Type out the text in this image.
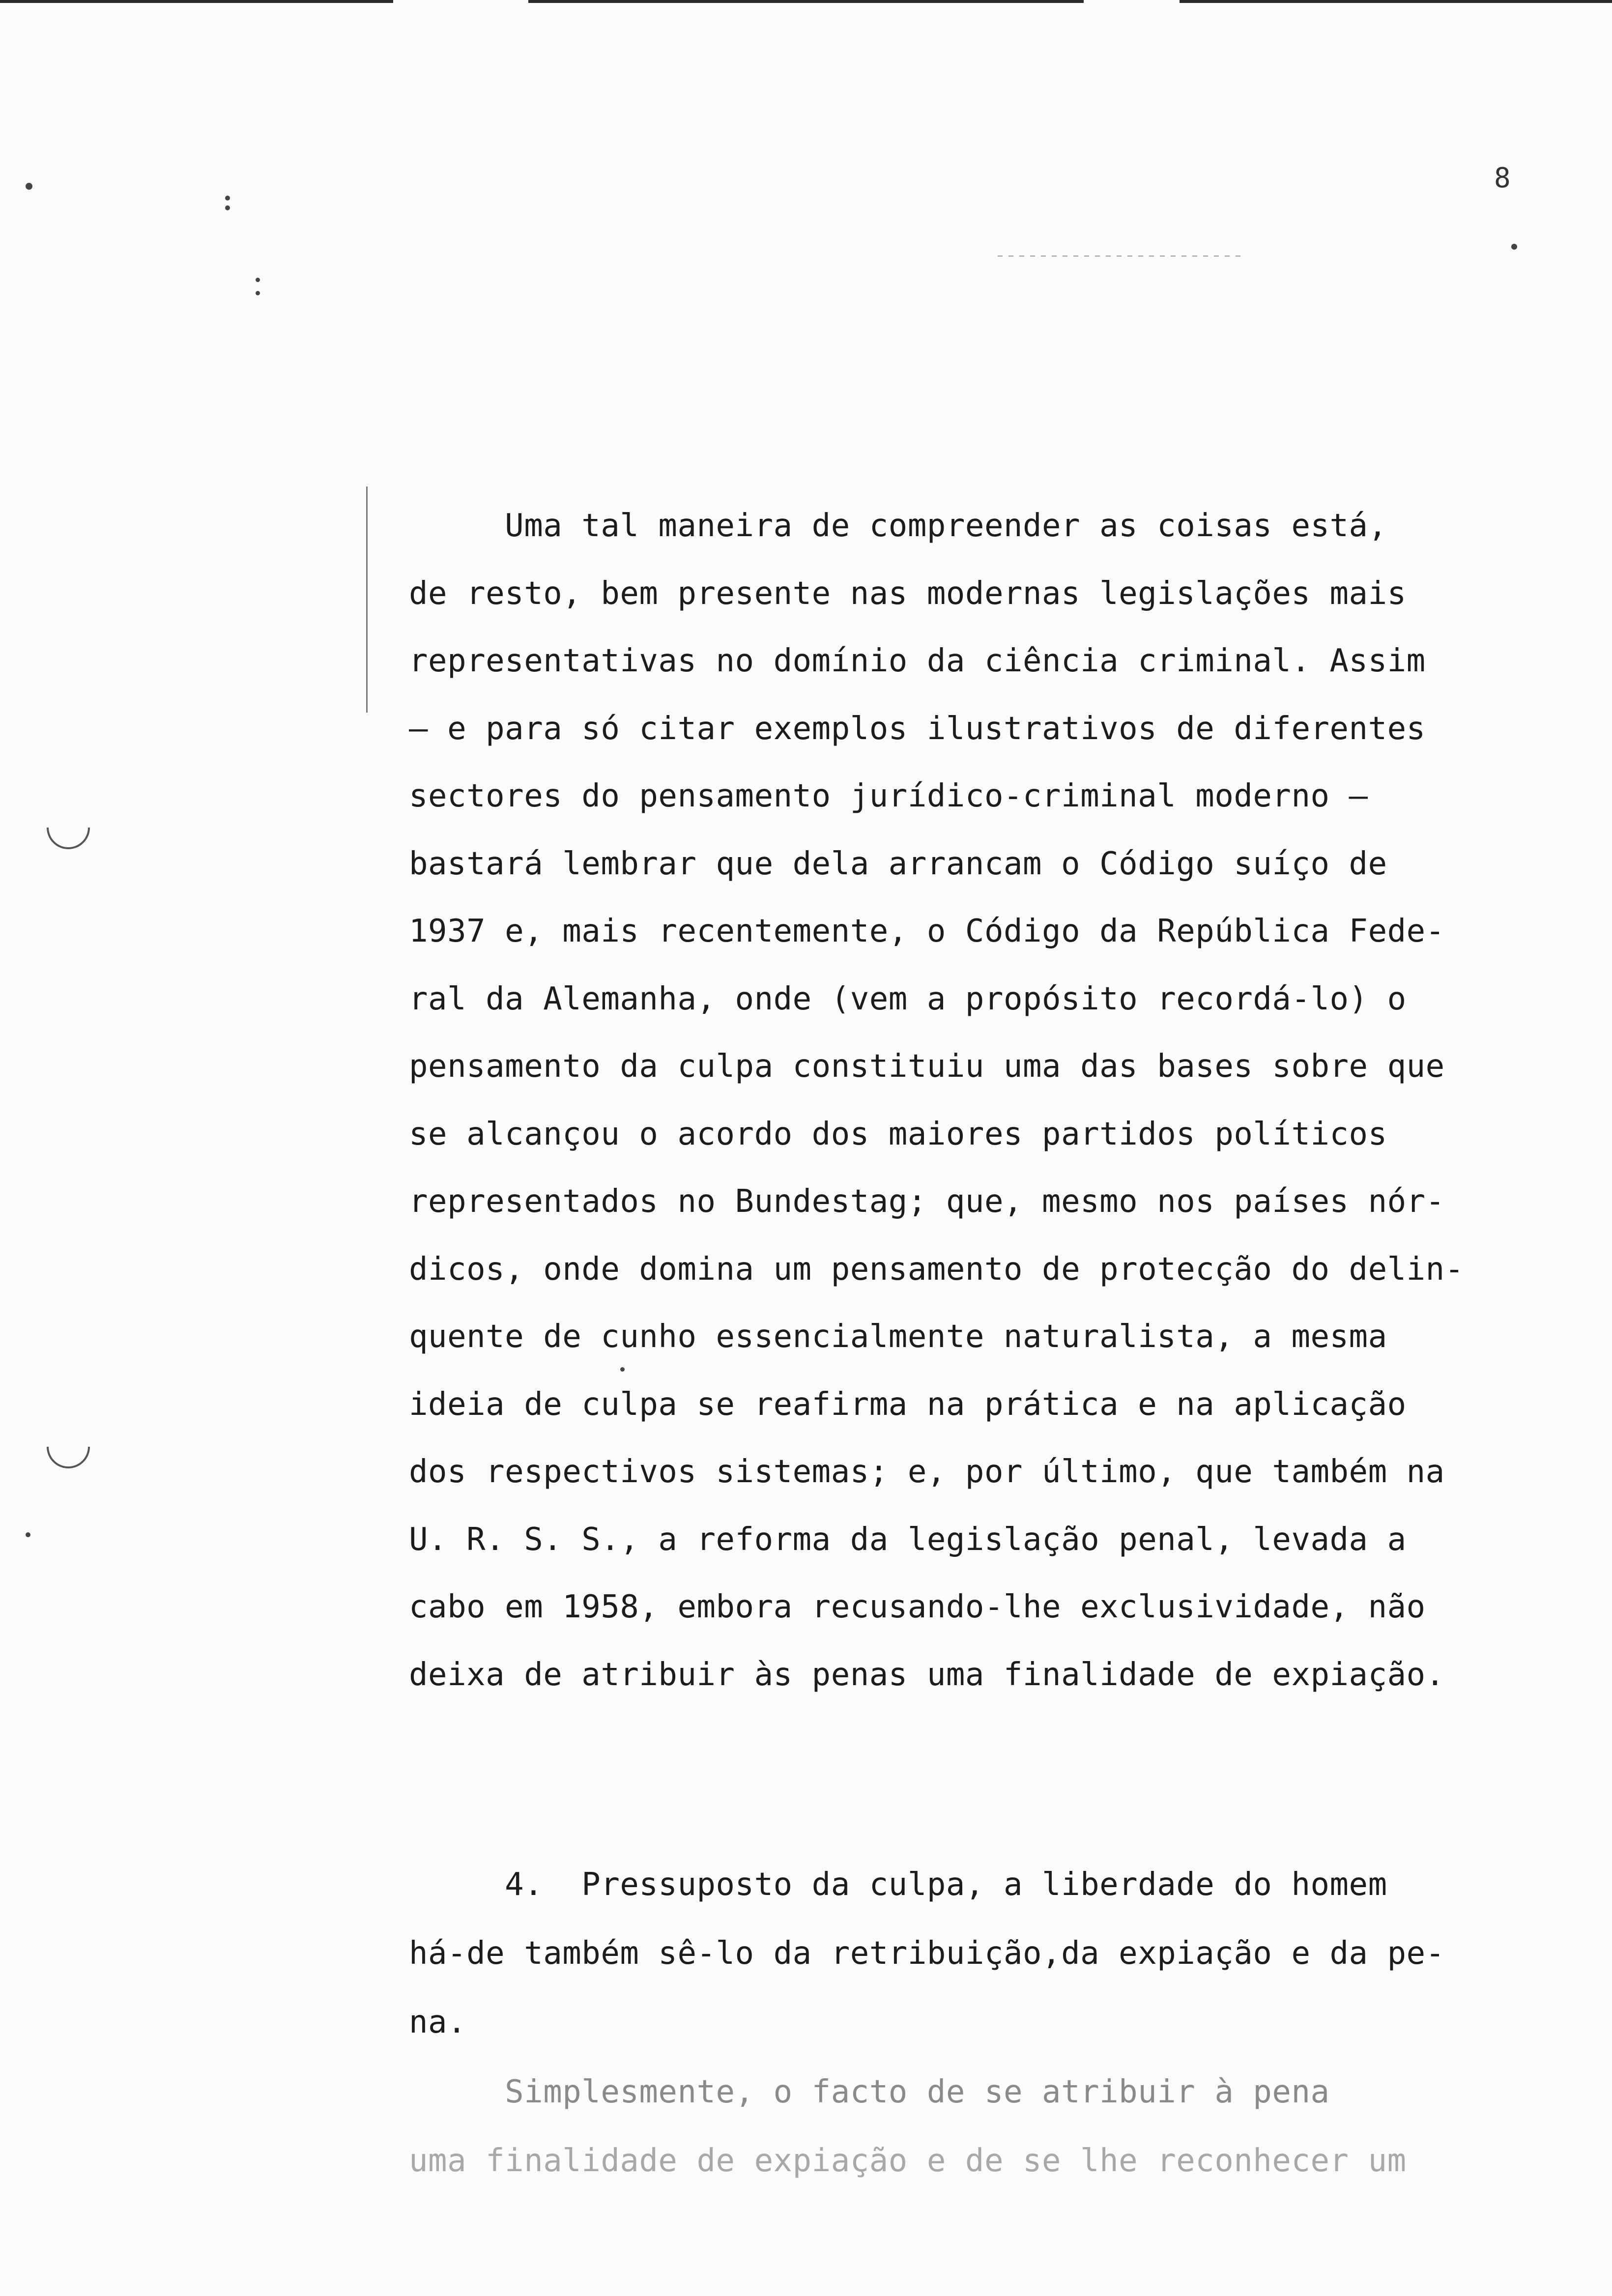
8
Uma tal maneira de compreender as coisas está,
de resto, bem presente nas modernas legislações mais
representativas no domínio da ciência criminal. Assim
— e para só citar exemplos ilustrativos de diferentes
sectores do pensamento jurídico-criminal moderno —
bastará lembrar que dela arrancam o Código suíço de
1937 e, mais recentemente, o Código da República Fede-
ral da Alemanha, onde (vem a propósito recordá-lo) o
pensamento da culpa constituiu uma das bases sobre que
se alcançou o acordo dos maiores partidos políticos
representados no Bundestag; que, mesmo nos países nór-
dicos, onde domina um pensamento de protecção do delin-
quente de cunho essencialmente naturalista, a mesma
ideia de culpa se reafirma na prática e na aplicação
dos respectivos sistemas; e, por último, que também na
U. R. S. S., a reforma da legislação penal, levada a
cabo em 1958, embora recusando-lhe exclusividade, não
deixa de atribuir às penas uma finalidade de expiação.
4.  Pressuposto da culpa, a liberdade do homem
há-de também sê-lo da retribuição,da expiação e da pe-
na.
Simplesmente, o facto de se atribuir à pena
uma finalidade de expiação e de se lhe reconhecer um
